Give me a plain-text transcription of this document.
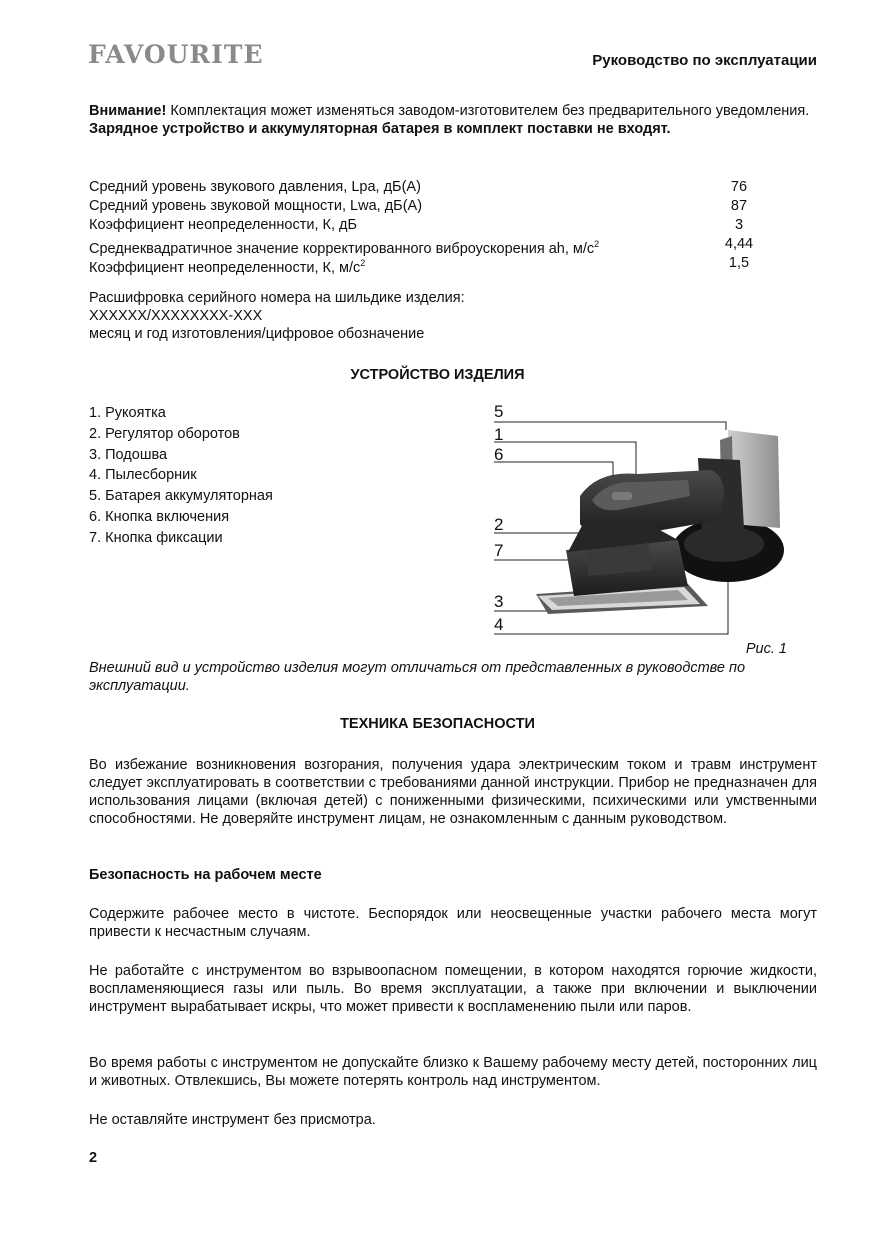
FAVOURITE	Руководство по эксплуатации

Внимание! Комплектация может изменяться заводом-изготовителем без предварительного уведомления. Зарядное устройство и аккумуляторная батарея в комплект поставки не входят.

Средний уровень звукового давления, Lpa, дБ(А)	76
Средний уровень звуковой мощности, Lwa, дБ(А)	87
Коэффициент неопределенности, К, дБ	3
Среднеквадратичное значение корректированного виброускорения ah, $м/с^2$	4,44
Коэффициент неопределенности, К, $м/с^2$	1,5
Расшифровка серийного номера на шильдике изделия:
XXXXXX/XXXXXXXX-XXX
месяц и год изготовления/цифровое обозначение
УСТРОЙСТВО ИЗДЕЛИЯ
1. Рукоятка
2. Регулятор оборотов
3. Подошва
4. Пылесборник
5. Батарея аккумуляторная
6. Кнопка включения
7. Кнопка фиксации
5
1
6
2
7
3
4
Рис. 1

Внешний вид и устройство изделия могут отличаться от представленных в руководстве по эксплуатации.

ТЕХНИКА БЕЗОПАСНОСТИ

Во избежание возникновения возгорания, получения удара электрическим током и травм инструмент следует эксплуатировать в соответствии с требованиями данной инструкции. Прибор не предназначен для использования лицами (включая детей) с пониженными физическими, психическими или умственными способностями. Не доверяйте инструмент лицам, не ознакомленным с данным руководством.

Безопасность на рабочем месте

Содержите рабочее место в чистоте. Беспорядок или неосвещенные участки рабочего места могут привести к несчастным случаям.

Не работайте с инструментом во взрывоопасном помещении, в котором находятся горючие жидкости, воспламеняющиеся газы или пыль. Во время эксплуатации, а также при включении и выключении инструмент вырабатывает искры, что может привести к воспламенению пыли или паров.

Во время работы с инструментом не допускайте близко к Вашему рабочему месту детей, посторонних лиц и животных. Отвлекшись, Вы можете потерять контроль над инструментом.

Не оставляйте инструмент без присмотра.

2
